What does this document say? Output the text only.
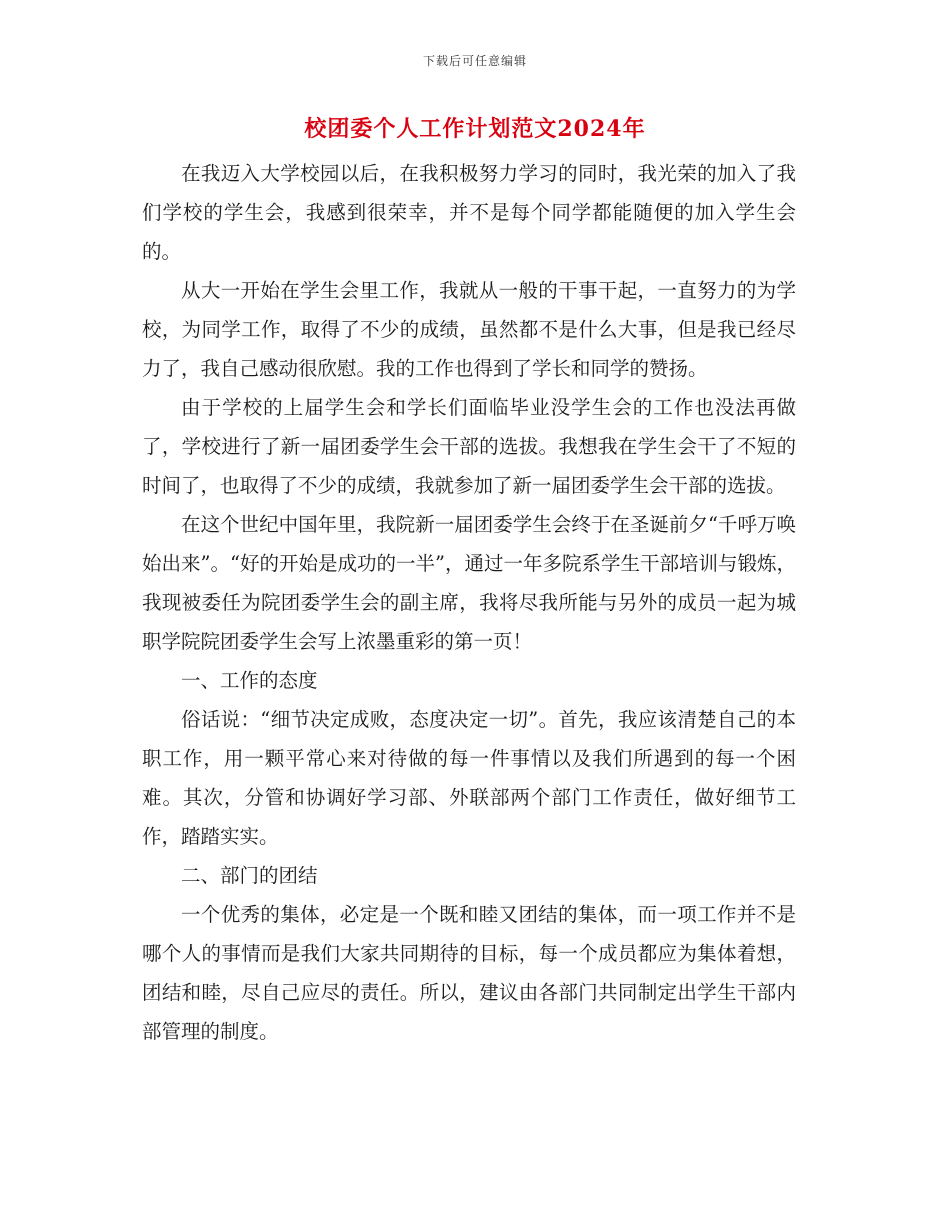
下载后可任意编辑
校团委个人工作计划范文2024年

在我迈入大学校园以后，在我积极努力学习的同时，我光荣的加入了我们学校的学生会，我感到很荣幸，并不是每个同学都能随便的加入学生会的。

从大一开始在学生会里工作，我就从一般的干事干起，一直努力的为学校，为同学工作，取得了不少的成绩，虽然都不是什么大事，但是我已经尽力了，我自己感动很欣慰。我的工作也得到了学长和同学的赞扬。

由于学校的上届学生会和学长们面临毕业没学生会的工作也没法再做了，学校进行了新一届团委学生会干部的选拔。我想我在学生会干了不短的时间了，也取得了不少的成绩，我就参加了新一届团委学生会干部的选拔。

在这个世纪中国年里，我院新一届团委学生会终于在圣诞前夕“千呼万唤始出来”。“好的开始是成功的一半”，通过一年多院系学生干部培训与锻炼，我现被委任为院团委学生会的副主席，我将尽我所能与另外的成员一起为城职学院院团委学生会写上浓墨重彩的第一页！

一、工作的态度

俗话说：“细节决定成败，态度决定一切”。首先，我应该清楚自己的本职工作，用一颗平常心来对待做的每一件事情以及我们所遇到的每一个困难。其次，分管和协调好学习部、外联部两个部门工作责任，做好细节工作，踏踏实实。

二、部门的团结

一个优秀的集体，必定是一个既和睦又团结的集体，而一项工作并不是哪个人的事情而是我们大家共同期待的目标，每一个成员都应为集体着想，团结和睦，尽自己应尽的责任。所以，建议由各部门共同制定出学生干部内部管理的制度。
